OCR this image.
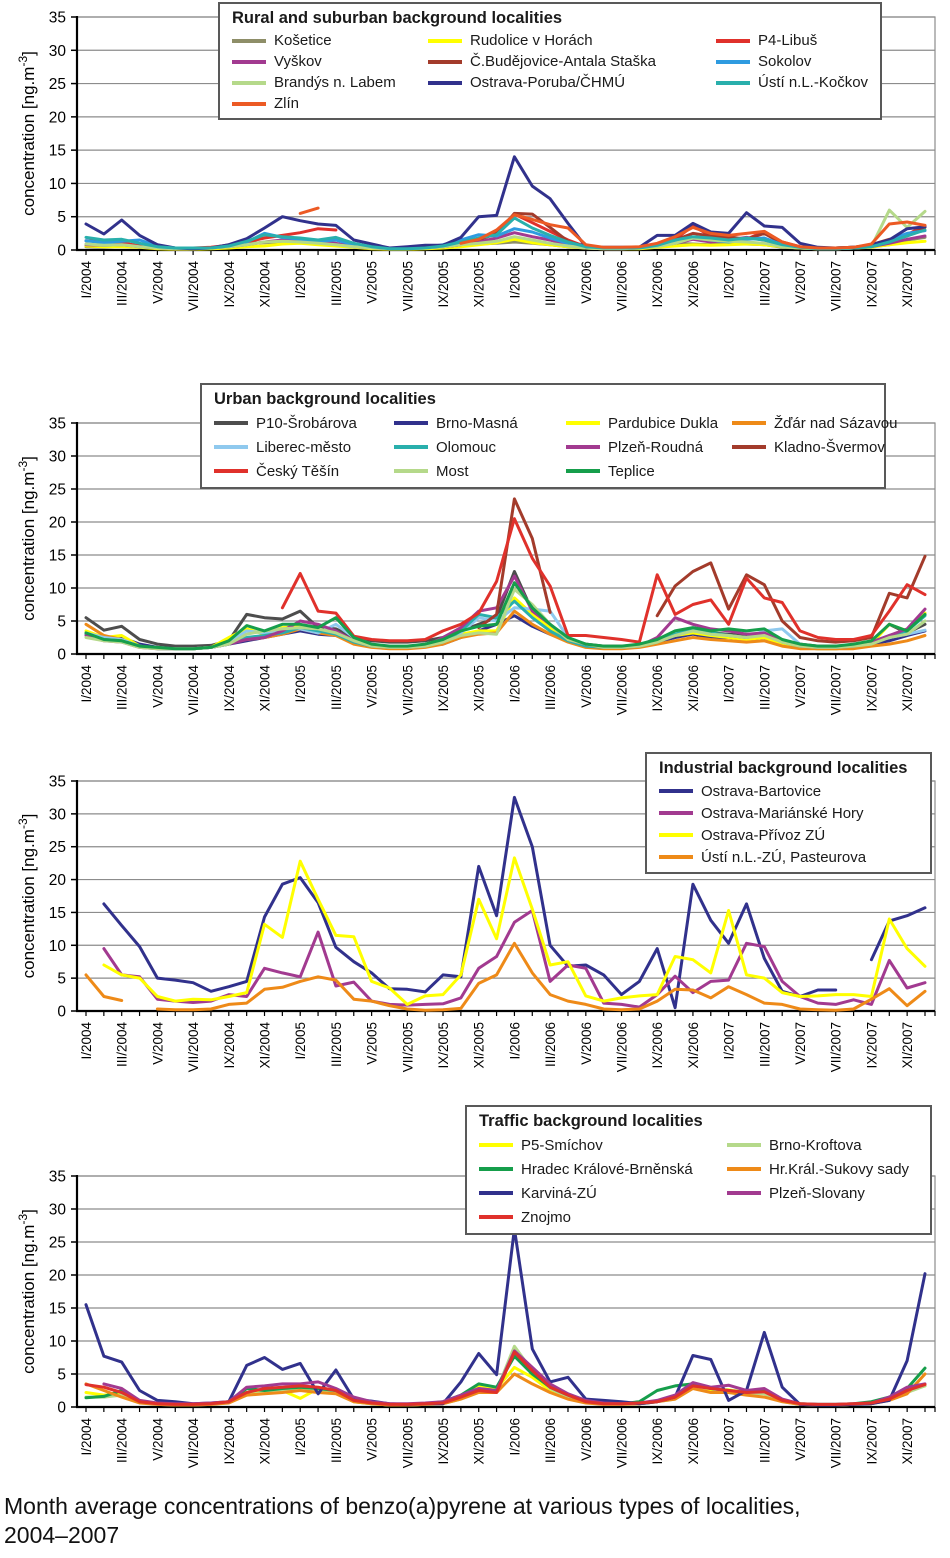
0
5
10
15
20
25
30
35
I/2004 III/2004 V/2004 VII/2004 IX/2004 XI/2004 I/2005 III/2005 V/2005 VII/2005 IX/2005 XI/2005 I/2006 III/2006 V/2006 VII/2006 IX/2006 XI/2006 I/2007 III/2007 V/2007 VII/2007 IX/2007 XI/2007
concentration $[ng.m^{-3}]$
0
5
10
15
20
25
30
35
I/2004 III/2004 V/2004 VII/2004 IX/2004 XI/2004 I/2005 III/2005 V/2005 VII/2005 IX/2005 XI/2005 I/2006 III/2006 V/2006 VII/2006 IX/2006 XI/2006 I/2007 III/2007 V/2007 VII/2007 IX/2007 XI/2007
concentration $[ng.m^{-3}]$
0
5
10
15
20
25
30
35
I/2004 III/2004 V/2004 VII/2004 IX/2004 XI/2004 I/2005 III/2005 V/2005 VII/2005 IX/2005 XI/2005 I/2006 III/2006 V/2006 VII/2006 IX/2006 XI/2006 I/2007 III/2007 V/2007 VII/2007 IX/2007 XI/2007
concentration $[ng.m^{-3}]$
0
5
10
15
20
25
30
35
I/2004 III/2004 V/2004 VII/2004 IX/2004 XI/2004 I/2005 III/2005 V/2005 VII/2005 IX/2005 XI/2005 I/2006 III/2006 V/2006 VII/2006 IX/2006 XI/2006 I/2007 III/2007 V/2007 VII/2007 IX/2007 XI/2007
concentration $[ng.m^{-3}]$
Rural and suburban background localities
Košetice
Vyškov
Brandýs n. Labem
Zlín
Rudolice v Horách
Č.Budějovice-Antala Staška
Ostrava-Poruba/ČHMÚ
P4-Libuš
Sokolov
Ústí n.L.-Kočkov
Urban background localities
P10-Šrobárova
Liberec-město
Český Těšín
Brno-Masná
Olomouc
Most
Pardubice Dukla
Plzeň-Roudná
Teplice
Žďár nad Sázavou
Kladno-Švermov
Industrial background localities
Ostrava-Bartovice
Ostrava-Mariánské Hory
Ostrava-Přívoz ZÚ
Ústí n.L.-ZÚ, Pasteurova
Traffic background localities
P5-Smíchov
Hradec Králové-Brněnská
Karviná-ZÚ
Znojmo
Brno-Kroftova
Hr.Král.-Sukovy sady
Plzeň-Slovany
Month average concentrations of benzo(a)pyrene at various types of localities, 2004–2007
